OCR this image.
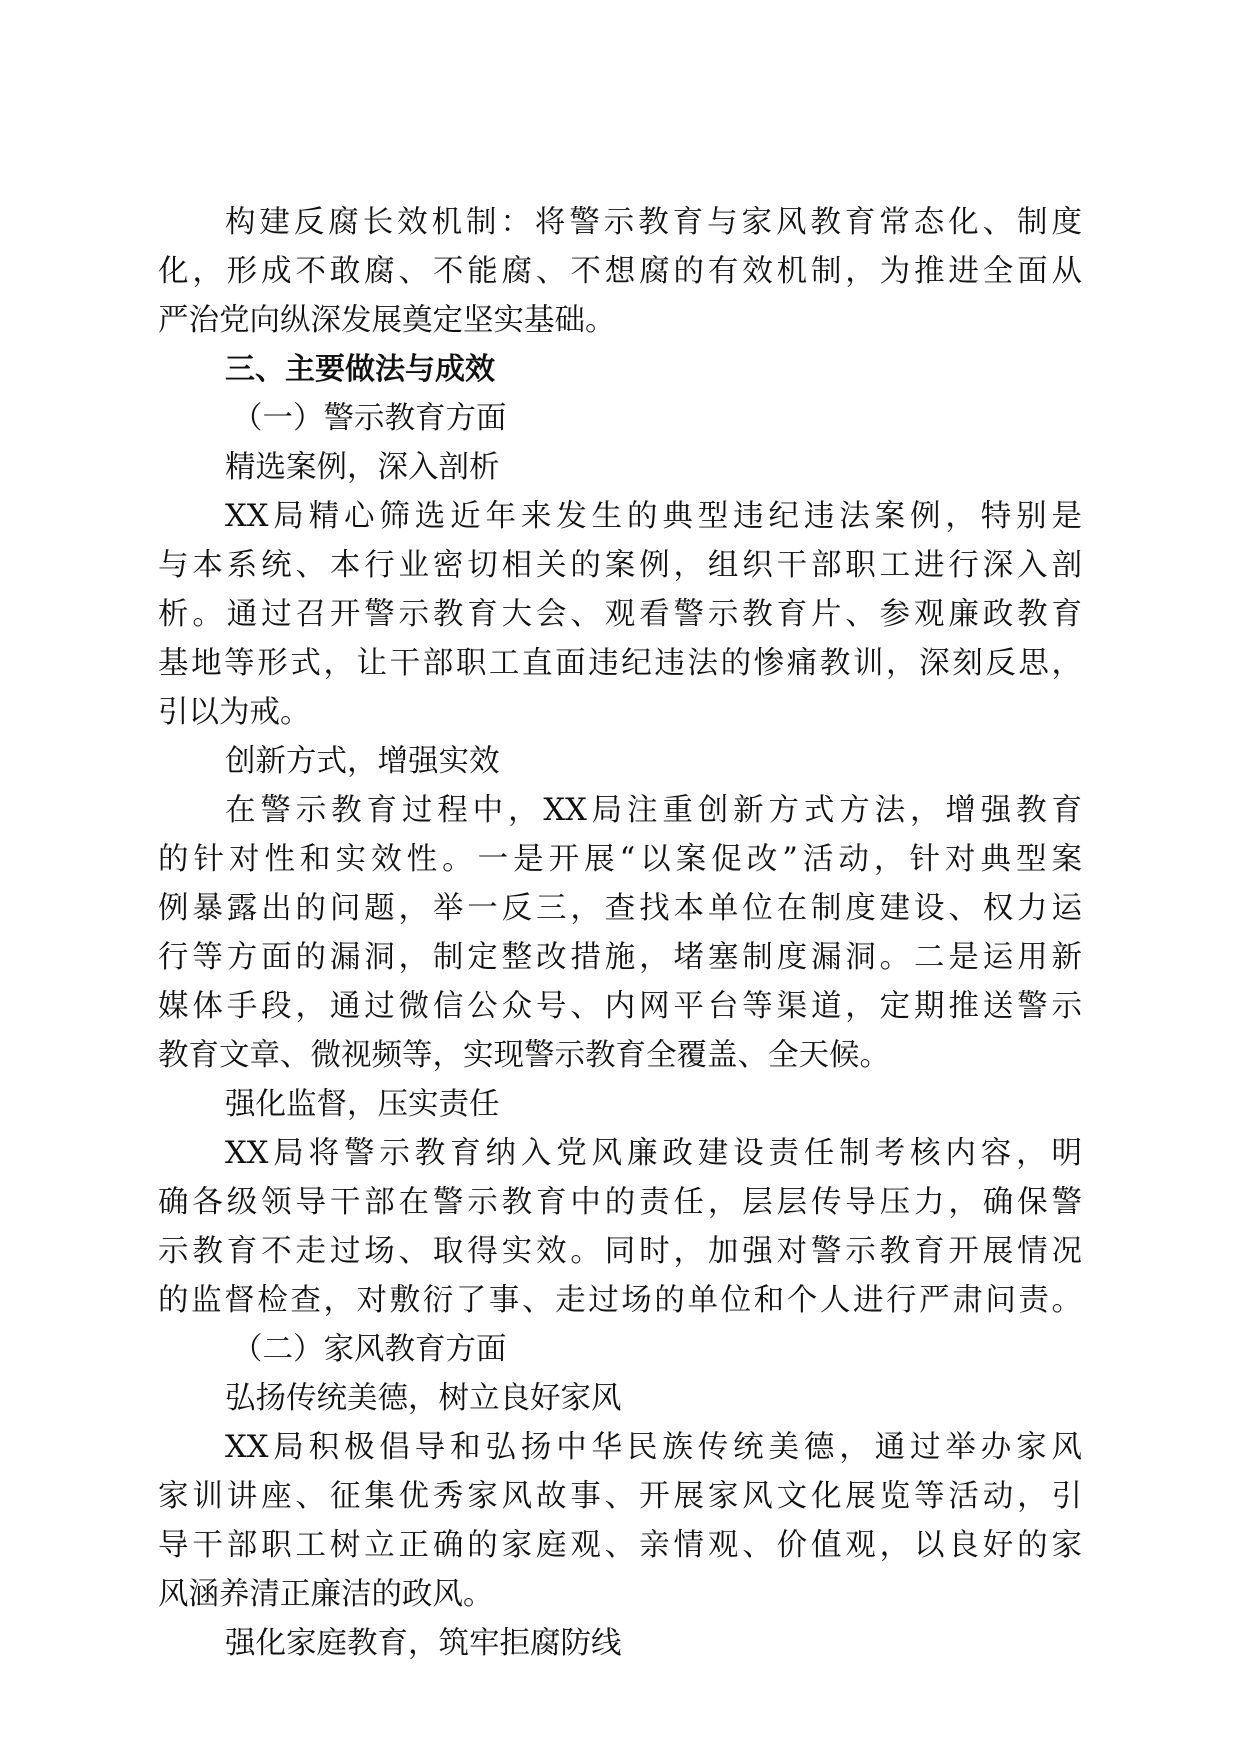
构建反腐长效机制：将警示教育与家风教育常态化、制度
化，形成不敢腐、不能腐、不想腐的有效机制，为推进全面从
严治党向纵深发展奠定坚实基础。
三、主要做法与成效
（一）警示教育方面
精选案例，深入剖析
XX局精心筛选近年来发生的典型违纪违法案例，特别是
与本系统、本行业密切相关的案例，组织干部职工进行深入剖
析。通过召开警示教育大会、观看警示教育片、参观廉政教育
基地等形式，让干部职工直面违纪违法的惨痛教训，深刻反思，
引以为戒。
创新方式，增强实效
在警示教育过程中，XX局注重创新方式方法，增强教育
的针对性和实效性。一是开展“以案促改”活动，针对典型案
例暴露出的问题，举一反三，查找本单位在制度建设、权力运
行等方面的漏洞，制定整改措施，堵塞制度漏洞。二是运用新
媒体手段，通过微信公众号、内网平台等渠道，定期推送警示
教育文章、微视频等，实现警示教育全覆盖、全天候。
强化监督，压实责任
XX局将警示教育纳入党风廉政建设责任制考核内容，明
确各级领导干部在警示教育中的责任，层层传导压力，确保警
示教育不走过场、取得实效。同时，加强对警示教育开展情况
的监督检查，对敷衍了事、走过场的单位和个人进行严肃问责。
（二）家风教育方面
弘扬传统美德，树立良好家风
XX局积极倡导和弘扬中华民族传统美德，通过举办家风
家训讲座、征集优秀家风故事、开展家风文化展览等活动，引
导干部职工树立正确的家庭观、亲情观、价值观，以良好的家
风涵养清正廉洁的政风。
强化家庭教育，筑牢拒腐防线
